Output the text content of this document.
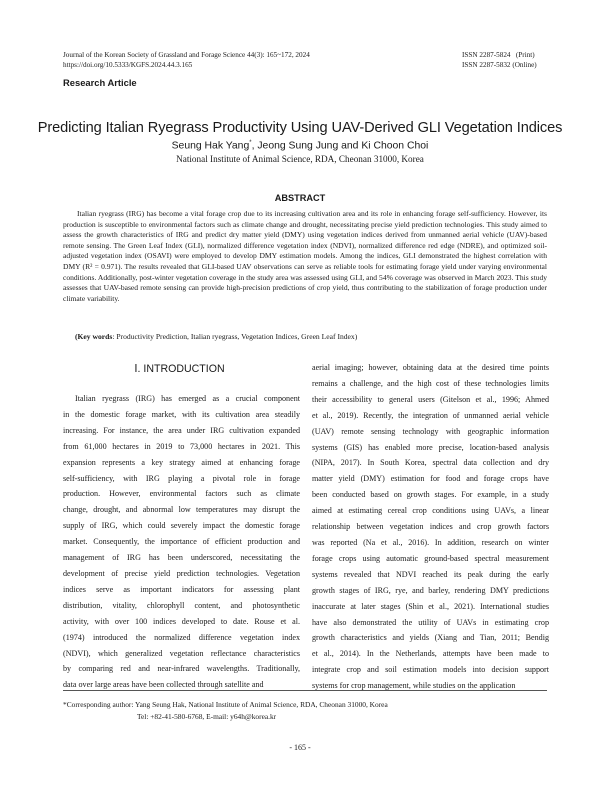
Journal of the Korean Society of Grassland and Forage Science 44(3): 165~172, 2024
https://doi.org/10.5333/KGFS.2024.44.3.165
ISSN 2287-5824   (Print)
ISSN 2287-5832 (Online)
Research Article
Predicting Italian Ryegrass Productivity Using UAV-Derived GLI Vegetation Indices
Seung Hak Yang*, Jeong Sung Jung and Ki Choon Choi
National Institute of Animal Science, RDA, Cheonan 31000, Korea
ABSTRACT

Italian ryegrass (IRG) has become a vital forage crop due to its increasing cultivation area and its role in enhancing forage self-sufficiency. However, its production is susceptible to environmental factors such as climate change and drought, necessitating precise yield prediction technologies. This study aimed to assess the growth characteristics of IRG and predict dry matter yield (DMY) using vegetation indices derived from unmanned aerial vehicle (UAV)-based remote sensing. The Green Leaf Index (GLI), normalized difference vegetation index (NDVI), normalized difference red edge (NDRE), and optimized soil-adjusted vegetation index (OSAVI) were employed to develop DMY estimation models. Among the indices, GLI demonstrated the highest correlation with DMY (R² = 0.971). The results revealed that GLI-based UAV observations can serve as reliable tools for estimating forage yield under varying environmental conditions. Additionally, post-winter vegetation coverage in the study area was assessed using GLI, and 54% coverage was observed in March 2023. This study assesses that UAV-based remote sensing can provide high-precision predictions of crop yield, thus contributing to the stabilization of forage production under climate variability.

(Key words: Productivity Prediction, Italian ryegrass, Vegetation Indices, Green Leaf Index)
Ⅰ. INTRODUCTION
Italian ryegrass (IRG) has emerged as a crucial component
in the domestic forage market, with its cultivation area steadily
increasing. For instance, the area under IRG cultivation expanded
from 61,000 hectares in 2019 to 73,000 hectares in 2021. This
expansion represents a key strategy aimed at enhancing forage
self-sufficiency, with IRG playing a pivotal role in forage
production. However, environmental factors such as climate
change, drought, and abnormal low temperatures may disrupt the
supply of IRG, which could severely impact the domestic forage
market. Consequently, the importance of efficient production and
management of IRG has been underscored, necessitating the
development of precise yield prediction technologies. Vegetation
indices serve as important indicators for assessing plant
distribution, vitality, chlorophyll content, and photosynthetic
activity, with over 100 indices developed to date. Rouse et al.
(1974) introduced the normalized difference vegetation index
(NDVI), which generalized vegetation reflectance characteristics
by comparing red and near-infrared wavelengths. Traditionally,
data over large areas have been collected through satellite and
aerial imaging; however, obtaining data at the desired time points
remains a challenge, and the high cost of these technologies limits
their accessibility to general users (Gitelson et al., 1996; Ahmed
et al., 2019). Recently, the integration of unmanned aerial vehicle
(UAV) remote sensing technology with geographic information
systems (GIS) has enabled more precise, location-based analysis
(NIPA, 2017). In South Korea, spectral data collection and dry
matter yield (DMY) estimation for food and forage crops have
been conducted based on growth stages. For example, in a study
aimed at estimating cereal crop conditions using UAVs, a linear
relationship between vegetation indices and crop growth factors
was reported (Na et al., 2016). In addition, research on winter
forage crops using automatic ground-based spectral measurement
systems revealed that NDVI reached its peak during the early
growth stages of IRG, rye, and barley, rendering DMY predictions
inaccurate at later stages (Shin et al., 2021). International studies
have also demonstrated the utility of UAVs in estimating crop
growth characteristics and yields (Xiang and Tian, 2011; Bendig
et al., 2014). In the Netherlands, attempts have been made to
integrate crop and soil estimation models into decision support
systems for crop management, while studies on the application
*Corresponding author: Yang Seung Hak, National Institute of Animal Science, RDA, Cheonan 31000, Korea
Tel: +82-41-580-6768, E-mail: y64h@korea.kr
- 165 -
